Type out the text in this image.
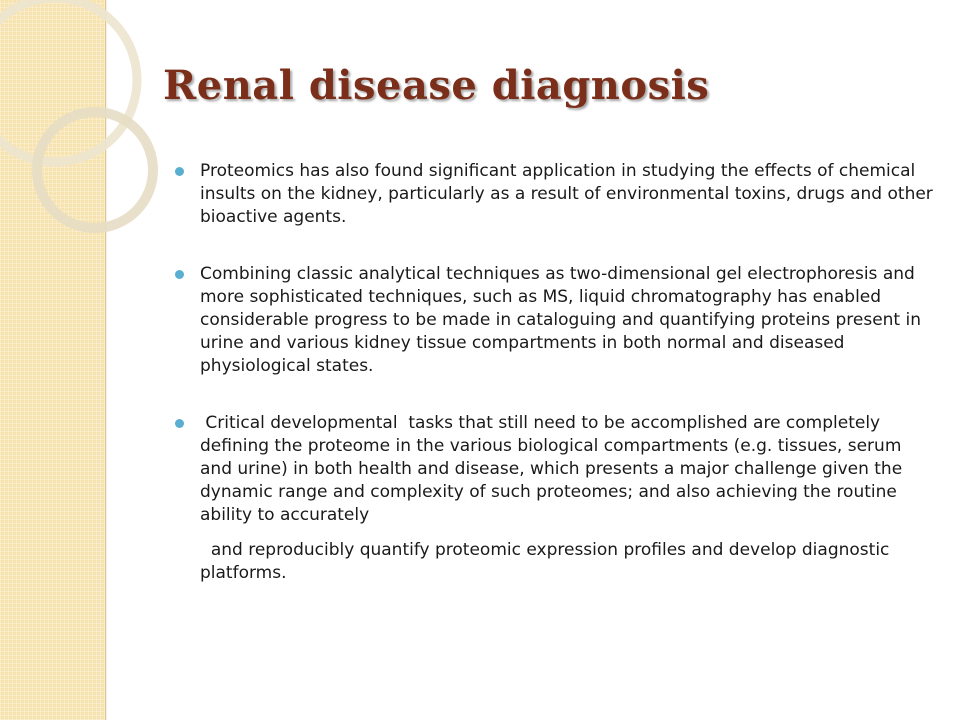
Renal disease diagnosis
Proteomics has also found significant application in studying the effects of chemical insults on the kidney, particularly as a result of environmental toxins, drugs and other bioactive agents.
Combining classic analytical techniques as two-dimensional gel electrophoresis and more sophisticated techniques, such as MS, liquid chromatography has enabled considerable progress to be made in cataloguing and quantifying proteins present in urine and various kidney tissue compartments in both normal and diseased physiological states.
Critical developmental  tasks that still need to be accomplished are completely defining the proteome in the various biological compartments (e.g. tissues, serum and urine) in both health and disease, which presents a major challenge given the dynamic range and complexity of such proteomes; and also achieving the routine ability to accurately
and reproducibly quantify proteomic expression profiles and develop diagnostic platforms.
